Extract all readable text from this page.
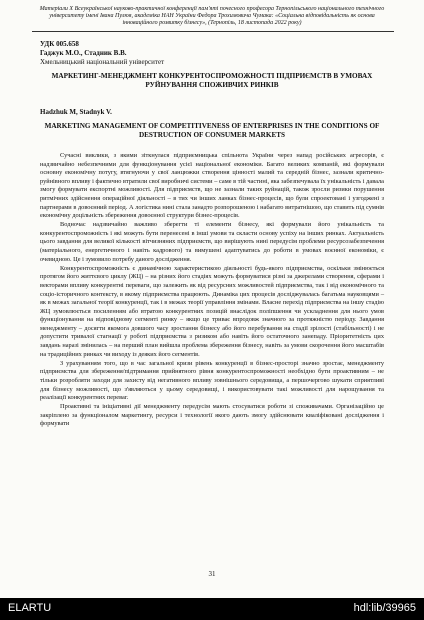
Матеріали Х Всеукраїнської науково-практичної конференції пам'яті почесного професора Тернопільського національного технічного університету імені Івана Пулюя, академіка НАН України Федора Трохимовича Чумака: «Соціальна відповідальність як основа інноваційного розвитку бізнесу», (Тернопіль, 18 листопада 2022 року)
УДК 005.658
Гаджук М.О., Стадник В.В.
Хмельницький національний університет
МАРКЕТИНГ-МЕНЕДЖМЕНТ КОНКУРЕНТОСПРОМОЖНОСТІ ПІДПРИЄМСТВ В УМОВАХ РУЙНУВАННЯ СПОЖИВЧИХ РИНКІВ
Hadzhuk M, Stadnyk V.
MARKETING MANAGEMENT OF COMPETITIVENESS OF ENTERPRISES IN THE CONDITIONS OF DESTRUCTION OF CONSUMER MARKETS

Сучасні виклики, з якими зіткнулася підприємницька спільнота України через напад російських агресорів, є надзвичайно небезпечними для функціонування усієї національної економіки. Багато великих компаній, які формували основну економічну потугу, втягнуючи у свої ланцюжки створення цінності малий та середній бізнес, зазнали критично-руйнівного впливу і фактично втратили свої виробничі системи – саме в тій частині, яка забезпечувала їх унікальність і давала змогу формувати експортні можливості. Для підприємств, що не зазнали таких руйнацій, також зросли ризики порушення ритмічних здійснення операційної діяльності – в тих чи інших ланках бізнес-процесів, що були спроектовані і узгоджені з партнерами в довоєнний період. А логістика нині стала занадто розпорошеною і набагато витратнішою, що ставить під сумнів економічну доцільність збереження довоєнної структури бізнес-процесів.

Водночас надзвичайно важливо зберегти ті елементи бізнесу, які формували його унікальність та конкурентоспроможність і які можуть бути перенесені в інші умови та скласти основу успіху на інших ринках. Актуальність цього завдання для великої кількості вітчизняних підприємств, що вирішують нині передусім проблеми ресурсозабезпечення (матеріального, енергетичного і навіть кадрового) та вимушені адаптуватись до роботи в умовах воєнної економіки, є очевидною. Це і зумовило потребу даного дослідження.

Конкурентоспроможність є динамічною характеристикою діяльності будь-якого підприємства, оскільки змінюється протягом його життєвого циклу (ЖЦ) – на різних його стадіях можуть формуватися різні за джерелами створення, сферами і векторами впливу конкурентні переваги, що залежить як від ресурсних можливостей підприємства, так і від економічного та соціо-історичного контексту, в якому підприємства працюють. Динаміка цих процесів досліджувалась багатьма науковцями – як в межах загальної теорії конкуренції, так і в межах теорії управління змінами. Власне перехід підприємства на іншу стадію ЖЦ зумовлюється посиленням або втратою конкурентних позицій внаслідок поліпшення чи ускладнення для нього умов функціонування на відповідному сегменті ринку – якщо це триває впродовж значного за протяжністю періоду. Завдання менеджменту – досягти якомога довшого часу зростання бізнесу або його перебування на стадії зрілості (стабільності) і не допустити тривалої стагнації у роботі підприємства з ризиком або навіть його остаточного занепаду. Пріоритетність цих завдань наразі змінилась – на перший план вийшла проблема збереження бізнесу, навіть за умови скорочення його масштабів на традиційних ринках чи виходу із деяких його сегментів.

З урахуванням того, що в час загальної кризи рівень конкуренції в бізнес-просторі значно зростає, менеджменту підприємства для збереження/підтримання прийнятного рівня конкурентоспроможності необхідно бути проактивним – не тільки розробляти заходи для захисту від негативного впливу зовнішнього середовища, а першочергово шукати сприятливі для бізнесу можливості, що з'являються у цьому середовищі, і використовувати такі можливості для нарощування та реалізації конкурентних переваг.

Проактивні та ініціативні дії менеджменту передусім мають стосуватися роботи зі споживачами. Організаційно це закріплено за функціоналом маркетингу, ресурси і технології якого дають змогу здійснювати кваліфіковані дослідження і формувати

31
ELARTU	hdl:lib/39965
